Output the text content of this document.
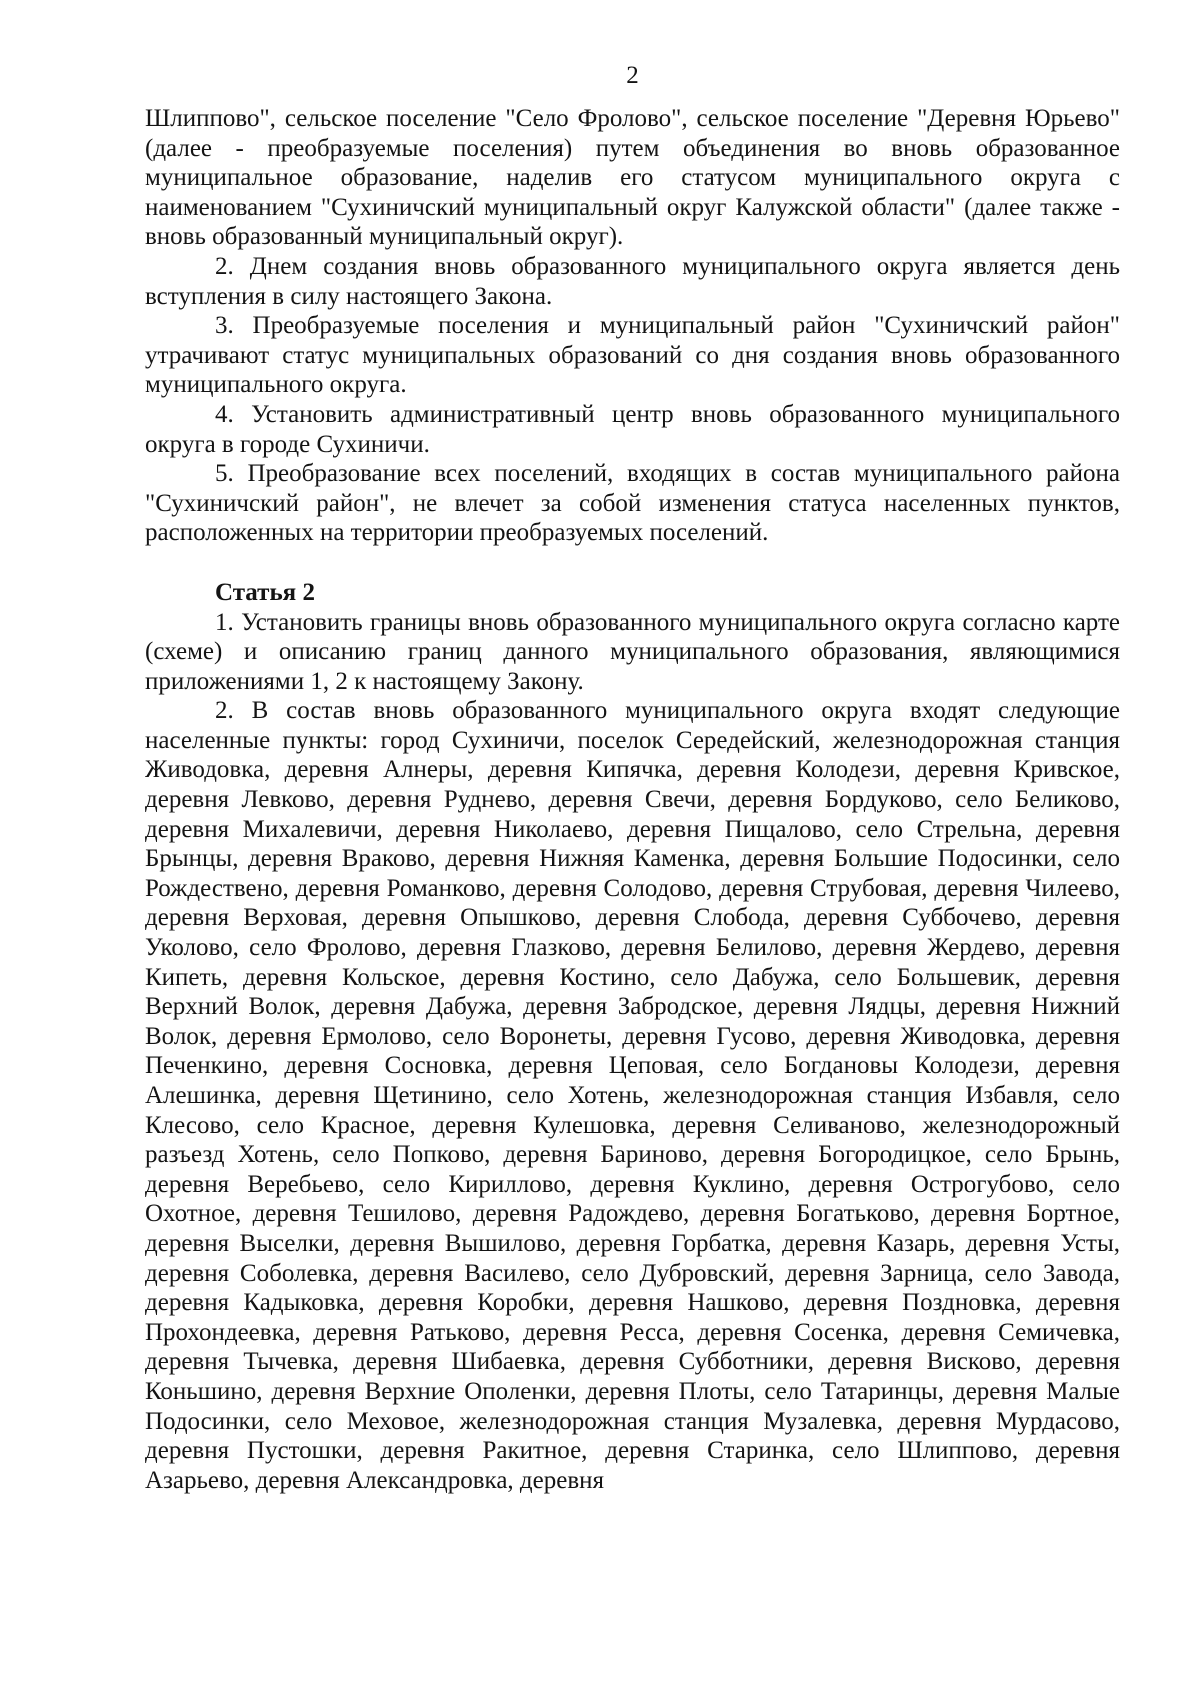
2

Шлиппово", сельское поселение "Село Фролово", сельское поселение "Деревня Юрьево" (далее - преобразуемые поселения) путем объединения во вновь образованное муниципальное образование, наделив его статусом муниципального округа с наименованием "Сухиничский муниципальный округ Калужской области" (далее также - вновь образованный муниципальный округ).

2. Днем создания вновь образованного муниципального округа является день вступления в силу настоящего Закона.

3. Преобразуемые поселения и муниципальный район "Сухиничский район" утрачивают статус муниципальных образований со дня создания вновь образованного муниципального округа.

4. Установить административный центр вновь образованного муниципального округа в городе Сухиничи.

5. Преобразование всех поселений, входящих в состав муниципального района "Сухиничский район", не влечет за собой изменения статуса населенных пунктов, расположенных на территории преобразуемых поселений.

Статья 2

1. Установить границы вновь образованного муниципального округа согласно карте (схеме) и описанию границ данного муниципального образования, являющимися приложениями 1, 2 к настоящему Закону.

2. В состав вновь образованного муниципального округа входят следующие населенные пункты: город Сухиничи, поселок Середейский, железнодорожная станция Живодовка, деревня Алнеры, деревня Кипячка, деревня Колодези, деревня Кривское, деревня Левково, деревня Руднево, деревня Свечи, деревня Бордуково, село Беликово, деревня Михалевичи, деревня Николаево, деревня Пищалово, село Стрельна, деревня Брынцы, деревня Враково, деревня Нижняя Каменка, деревня Большие Подосинки, село Рождествено, деревня Романково, деревня Солодово, деревня Струбовая, деревня Чилеево, деревня Верховая, деревня Опышково, деревня Слобода, деревня Суббочево, деревня Уколово, село Фролово, деревня Глазково, деревня Белилово, деревня Жердево, деревня Кипеть, деревня Кольское, деревня Костино, село Дабужа, село Большевик, деревня Верхний Волок, деревня Дабужа, деревня Забродское, деревня Лядцы, деревня Нижний Волок, деревня Ермолово, село Воронеты, деревня Гусово, деревня Живодовка, деревня Печенкино, деревня Сосновка, деревня Цеповая, село Богдановы Колодези, деревня Алешинка, деревня Щетинино, село Хотень, железнодорожная станция Избавля, село Клесово, село Красное, деревня Кулешовка, деревня Селиваново, железнодорожный разъезд Хотень, село Попково, деревня Бариново, деревня Богородицкое, село Брынь, деревня Веребьево, село Кириллово, деревня Куклино, деревня Острогубово, село Охотное, деревня Тешилово, деревня Радождево, деревня Богатьково, деревня Бортное, деревня Выселки, деревня Вышилово, деревня Горбатка, деревня Казарь, деревня Усты, деревня Соболевка, деревня Василево, село Дубровский, деревня Зарница, село Завода, деревня Кадыковка, деревня Коробки, деревня Нашково, деревня Поздновка, деревня Прохондеевка, деревня Ратьково, деревня Ресса, деревня Сосенка, деревня Семичевка, деревня Тычевка, деревня Шибаевка, деревня Субботники, деревня Висково, деревня Коньшино, деревня Верхние Ополенки, деревня Плоты, село Татаринцы, деревня Малые Подосинки, село Меховое, железнодорожная станция Музалевка, деревня Мурдасово, деревня Пустошки, деревня Ракитное, деревня Старинка, село Шлиппово, деревня Азарьево, деревня Александровка, деревня
